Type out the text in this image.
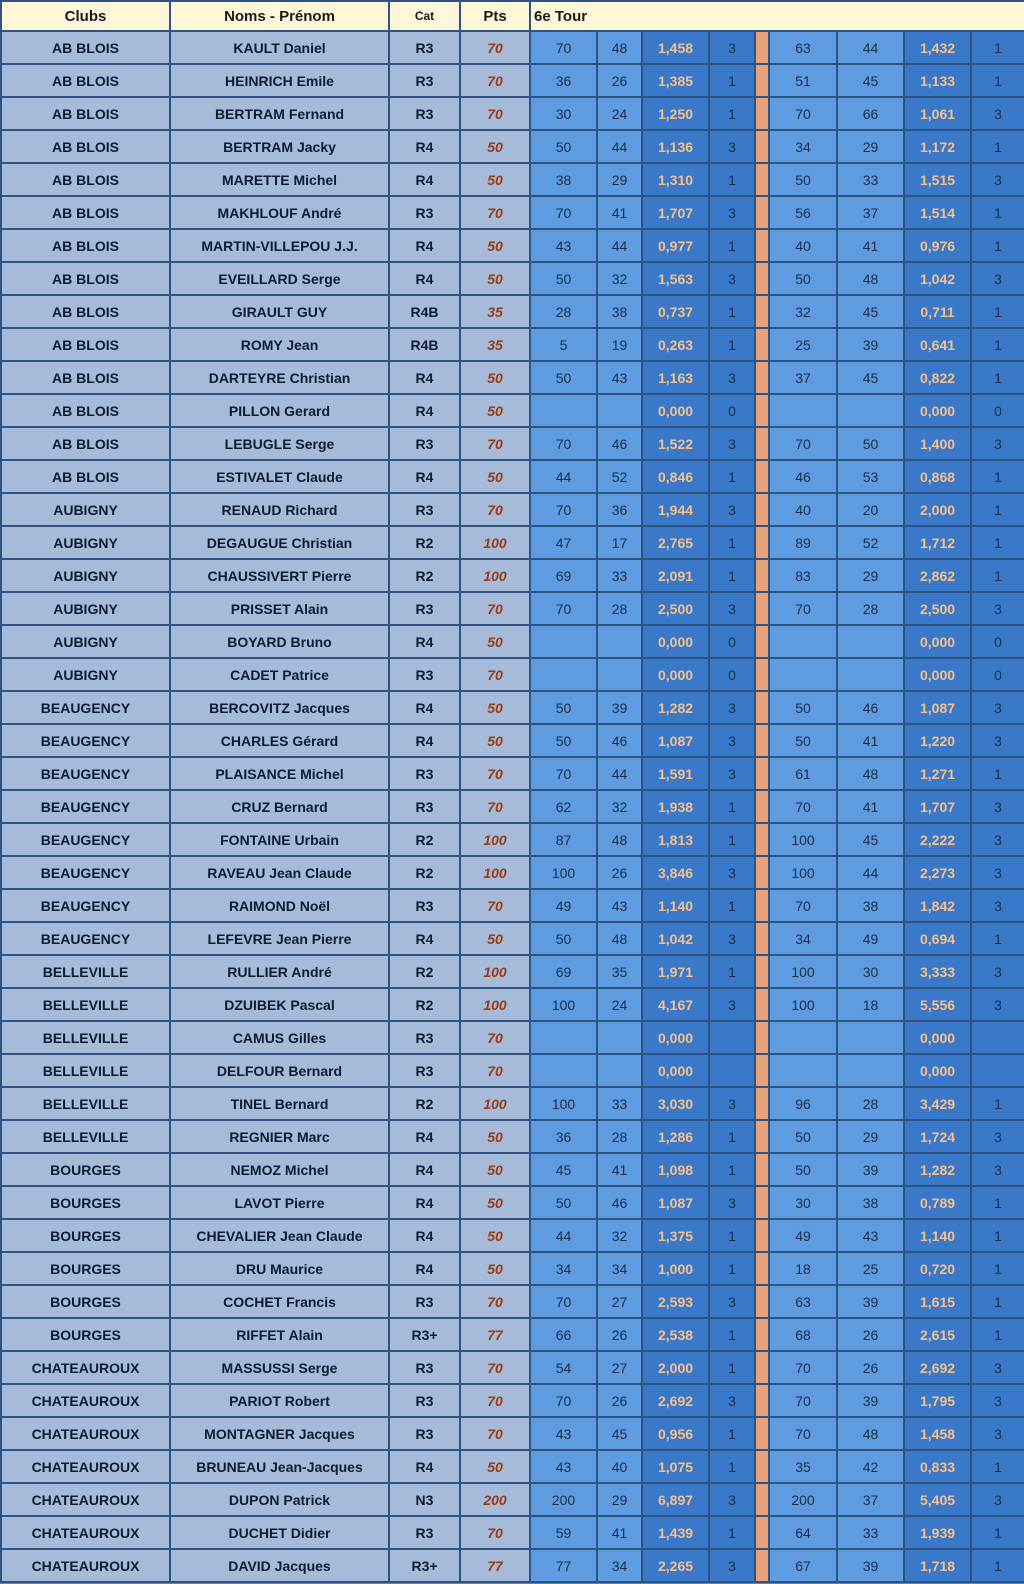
Clubs	Noms - Prénom	Cat	Pts	6e Tour								
AB BLOIS	KAULT Daniel	R3	70	70	48	1,458	3		63	44	1,432	1
AB BLOIS	HEINRICH Emile	R3	70	36	26	1,385	1		51	45	1,133	1
AB BLOIS	BERTRAM Fernand	R3	70	30	24	1,250	1		70	66	1,061	3
AB BLOIS	BERTRAM Jacky	R4	50	50	44	1,136	3		34	29	1,172	1
AB BLOIS	MARETTE Michel	R4	50	38	29	1,310	1		50	33	1,515	3
AB BLOIS	MAKHLOUF André	R3	70	70	41	1,707	3		56	37	1,514	1
AB BLOIS	MARTIN-VILLEPOU J.J.	R4	50	43	44	0,977	1		40	41	0,976	1
AB BLOIS	EVEILLARD Serge	R4	50	50	32	1,563	3		50	48	1,042	3
AB BLOIS	GIRAULT GUY	R4B	35	28	38	0,737	1		32	45	0,711	1
AB BLOIS	ROMY Jean	R4B	35	5	19	0,263	1		25	39	0,641	1
AB BLOIS	DARTEYRE Christian	R4	50	50	43	1,163	3		37	45	0,822	1
AB BLOIS	PILLON Gerard	R4	50			0,000	0				0,000	0
AB BLOIS	LEBUGLE Serge	R3	70	70	46	1,522	3		70	50	1,400	3
AB BLOIS	ESTIVALET Claude	R4	50	44	52	0,846	1		46	53	0,868	1
AUBIGNY	RENAUD Richard	R3	70	70	36	1,944	3		40	20	2,000	1
AUBIGNY	DEGAUGUE Christian	R2	100	47	17	2,765	1		89	52	1,712	1
AUBIGNY	CHAUSSIVERT Pierre	R2	100	69	33	2,091	1		83	29	2,862	1
AUBIGNY	PRISSET Alain	R3	70	70	28	2,500	3		70	28	2,500	3
AUBIGNY	BOYARD Bruno	R4	50			0,000	0				0,000	0
AUBIGNY	CADET Patrice	R3	70			0,000	0				0,000	0
BEAUGENCY	BERCOVITZ Jacques	R4	50	50	39	1,282	3		50	46	1,087	3
BEAUGENCY	CHARLES Gérard	R4	50	50	46	1,087	3		50	41	1,220	3
BEAUGENCY	PLAISANCE Michel	R3	70	70	44	1,591	3		61	48	1,271	1
BEAUGENCY	CRUZ Bernard	R3	70	62	32	1,938	1		70	41	1,707	3
BEAUGENCY	FONTAINE Urbain	R2	100	87	48	1,813	1		100	45	2,222	3
BEAUGENCY	RAVEAU Jean Claude	R2	100	100	26	3,846	3		100	44	2,273	3
BEAUGENCY	RAIMOND Noël	R3	70	49	43	1,140	1		70	38	1,842	3
BEAUGENCY	LEFEVRE Jean Pierre	R4	50	50	48	1,042	3		34	49	0,694	1
BELLEVILLE	RULLIER André	R2	100	69	35	1,971	1		100	30	3,333	3
BELLEVILLE	DZUIBEK Pascal	R2	100	100	24	4,167	3		100	18	5,556	3
BELLEVILLE	CAMUS Gilles	R3	70			0,000					0,000	
BELLEVILLE	DELFOUR Bernard	R3	70			0,000					0,000	
BELLEVILLE	TINEL Bernard	R2	100	100	33	3,030	3		96	28	3,429	1
BELLEVILLE	REGNIER Marc	R4	50	36	28	1,286	1		50	29	1,724	3
BOURGES	NEMOZ Michel	R4	50	45	41	1,098	1		50	39	1,282	3
BOURGES	LAVOT Pierre	R4	50	50	46	1,087	3		30	38	0,789	1
BOURGES	CHEVALIER Jean Claude	R4	50	44	32	1,375	1		49	43	1,140	1
BOURGES	DRU Maurice	R4	50	34	34	1,000	1		18	25	0,720	1
BOURGES	COCHET Francis	R3	70	70	27	2,593	3		63	39	1,615	1
BOURGES	RIFFET Alain	R3+	77	66	26	2,538	1		68	26	2,615	1
CHATEAUROUX	MASSUSSI Serge	R3	70	54	27	2,000	1		70	26	2,692	3
CHATEAUROUX	PARIOT Robert	R3	70	70	26	2,692	3		70	39	1,795	3
CHATEAUROUX	MONTAGNER Jacques	R3	70	43	45	0,956	1		70	48	1,458	3
CHATEAUROUX	BRUNEAU Jean-Jacques	R4	50	43	40	1,075	1		35	42	0,833	1
CHATEAUROUX	DUPON Patrick	N3	200	200	29	6,897	3		200	37	5,405	3
CHATEAUROUX	DUCHET Didier	R3	70	59	41	1,439	1		64	33	1,939	1
CHATEAUROUX	DAVID Jacques	R3+	77	77	34	2,265	3		67	39	1,718	1
